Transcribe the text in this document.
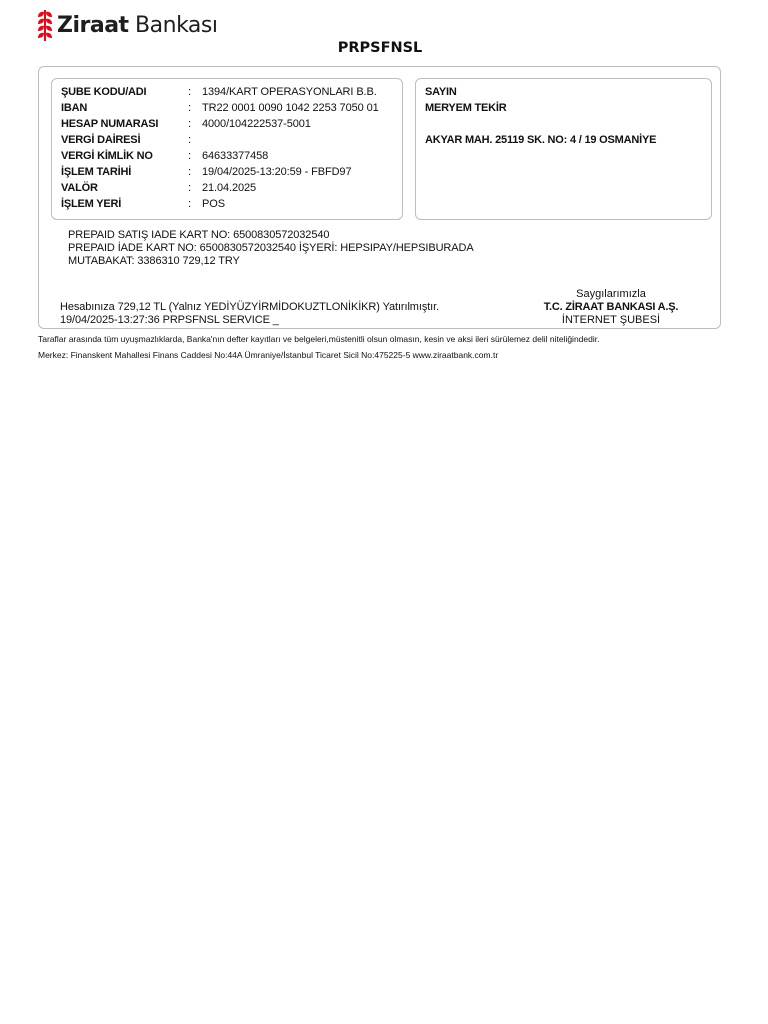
Ziraat Bankası
PRPSFNSL
ŞUBE KODU/ADI	: 1394/KART OPERASYONLARI B.B.
IBAN	: TR22 0001 0090 1042 2253 7050 01
HESAP NUMARASI	: 4000/104222537-5001
VERGİ DAİRESİ	:
VERGİ KİMLİK NO	: 64633377458
İŞLEM TARİHİ	: 19/04/2025-13:20:59 - FBFD97
VALÖR	: 21.04.2025
İŞLEM YERİ	: POS
SAYIN
MERYEM TEKİR
AKYAR MAH. 25119 SK. NO: 4 / 19 OSMANİYE
PREPAID SATIŞ IADE KART NO: 6500830572032540
PREPAID İADE KART NO: 6500830572032540 İŞYERİ: HEPSIPAY/HEPSIBURADA
MUTABAKAT: 3386310 729,12 TRY
Saygılarımızla
T.C. ZİRAAT BANKASI A.Ş.
İNTERNET ŞUBESİ
Hesabınıza 729,12 TL (Yalnız YEDİYÜZYİRMİDOKUZTLONİKİKR) Yatırılmıştır.
19/04/2025-13:27:36 PRPSFNSL SERVICE _
Taraflar arasında tüm uyuşmazlıklarda, Banka'nın defter kayıtları ve belgeleri,müstenitli olsun olmasın, kesin ve aksi ileri sürülemez delil niteliğindedir.
Merkez: Finanskent Mahallesi Finans Caddesi No:44A Ümraniye/İstanbul Ticaret Sicil No:475225-5 www.ziraatbank.com.tr
